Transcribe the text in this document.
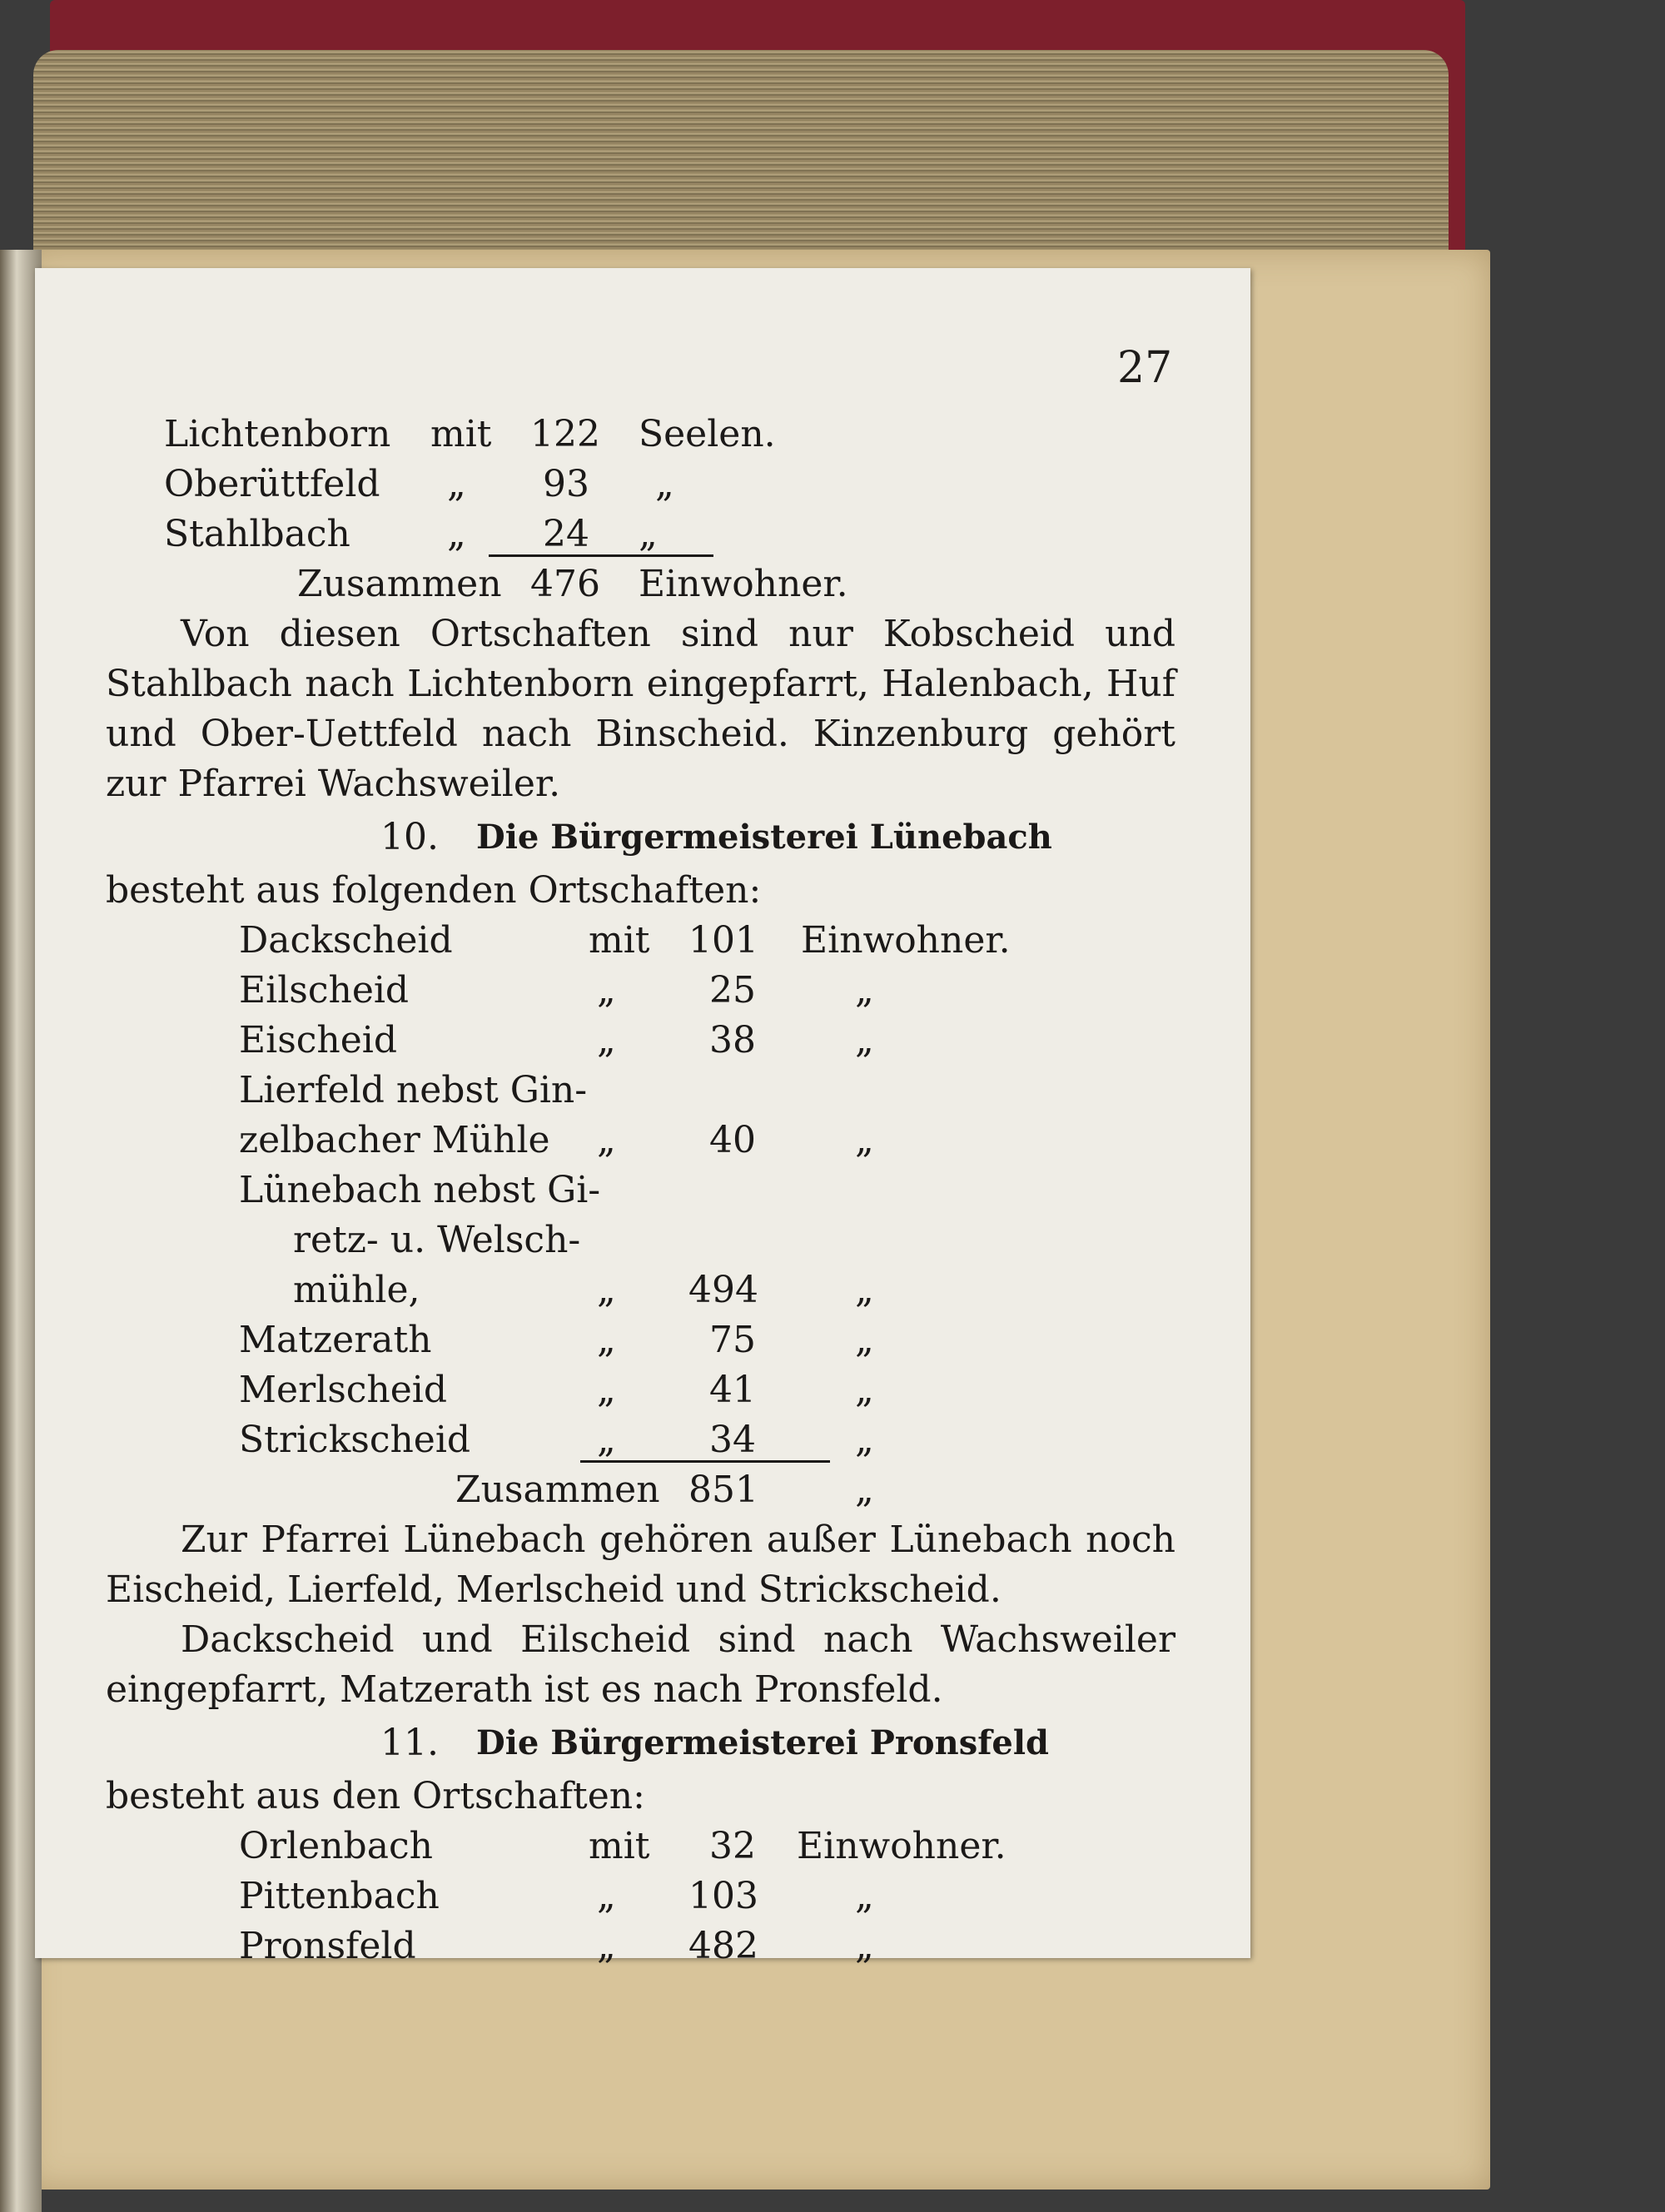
27
Lichtenborn mit 122 Seelen.
Oberüttfeld „ 93 „
Stahlbach	„ 24 „
Zusammen 476 Einwohner.

Von diesen Ortschaften sind nur Kobscheid und Stahlbach nach Lichtenborn eingepfarrt, Halenbach, Huf und Ober-Uettfeld nach Binscheid. Kinzenburg gehört zur Pfarrei Wachsweiler.

10. Die Bürgermeisterei Lünebach

besteht aus folgenden Ortschaften:

Dackscheid	mit 101 Einwohner.
Eilscheid	„	25	„
Eischeid	„	38	„
Lierfeld nebst Gin-
zelbacher Mühle „	40	„
Lünebach nebst Gi-
retz- u. Welsch-
mühle,	„ 494	„
Matzerath	„	75	„
Merlscheid	„	41	„
Strickscheid	„	34	„
Zusammen 851	„

Zur Pfarrei Lünebach gehören außer Lünebach noch Eischeid, Lierfeld, Merlscheid und Strickscheid.

Dackscheid und Eilscheid sind nach Wachsweiler eingepfarrt, Matzerath ist es nach Pronsfeld.

11. Die Bürgermeisterei Pronsfeld

besteht aus den Ortschaften:

Orlenbach	mit 32 Einwohner.
Pittenbach	„ 103	„
Pronsfeld	„ 482	„
